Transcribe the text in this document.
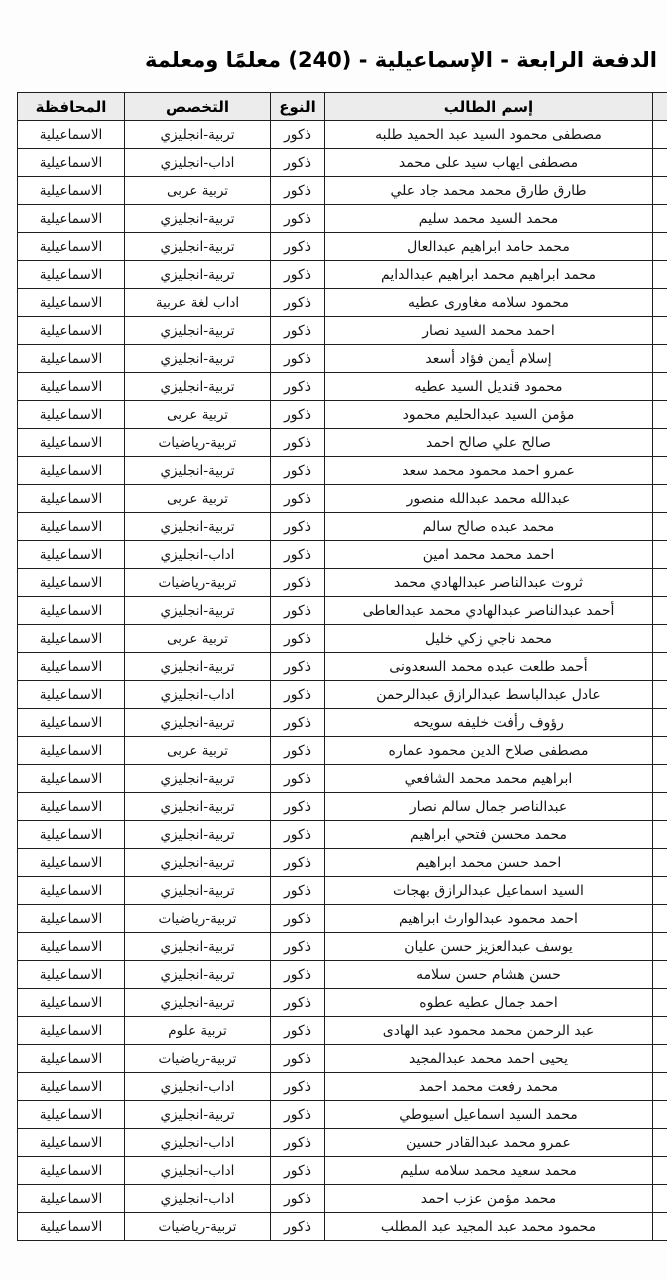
الدفعة الرابعة - الإسماعيلية - (240) معلمًا ومعلمة
	إسم الطالب	النوع	التخصص	المحافظة
	مصطفى محمود السيد عبد الحميد طلبه	ذكور	تربية-انجليزي	الاسماعيلية
	مصطفى ايهاب سيد على محمد	ذكور	اداب-انجليزي	الاسماعيلية
	طارق طارق محمد محمد جاد علي	ذكور	تربية عربى	الاسماعيلية
	محمد السيد محمد سليم	ذكور	تربية-انجليزي	الاسماعيلية
	محمد حامد ابراهيم عبدالعال	ذكور	تربية-انجليزي	الاسماعيلية
	محمد ابراهيم محمد ابراهيم عبدالدايم	ذكور	تربية-انجليزي	الاسماعيلية
	محمود سلامه مغاورى عطيه	ذكور	اداب لغة عربية	الاسماعيلية
	احمد محمد السيد نصار	ذكور	تربية-انجليزي	الاسماعيلية
	إسلام أيمن فؤاد أسعد	ذكور	تربية-انجليزي	الاسماعيلية
	محمود قنديل السيد عطيه	ذكور	تربية-انجليزي	الاسماعيلية
	مؤمن السيد عبدالحليم محمود	ذكور	تربية عربى	الاسماعيلية
	صالح علي صالح احمد	ذكور	تربية-رياضيات	الاسماعيلية
	عمرو احمد محمود محمد سعد	ذكور	تربية-انجليزي	الاسماعيلية
	عبدالله محمد عبدالله منصور	ذكور	تربية عربى	الاسماعيلية
	محمد عبده صالح سالم	ذكور	تربية-انجليزي	الاسماعيلية
	احمد محمد محمد امين	ذكور	اداب-انجليزي	الاسماعيلية
	ثروت عبدالناصر عبدالهادي محمد	ذكور	تربية-رياضيات	الاسماعيلية
	أحمد عبدالناصر عبدالهادي محمد عبدالعاطى	ذكور	تربية-انجليزي	الاسماعيلية
	محمد ناجي زكي خليل	ذكور	تربية عربى	الاسماعيلية
	أحمد طلعت عبده محمد السعدونى	ذكور	تربية-انجليزي	الاسماعيلية
	عادل عبدالباسط عبدالرازق عبدالرحمن	ذكور	اداب-انجليزي	الاسماعيلية
	رؤوف رأفت خليفه سويحه	ذكور	تربية-انجليزي	الاسماعيلية
	مصطفى صلاح الدين محمود عماره	ذكور	تربية عربى	الاسماعيلية
	ابراهيم محمد محمد الشافعي	ذكور	تربية-انجليزي	الاسماعيلية
	عبدالناصر جمال سالم نصار	ذكور	تربية-انجليزي	الاسماعيلية
	محمد محسن فتحي ابراهيم	ذكور	تربية-انجليزي	الاسماعيلية
	احمد حسن محمد ابراهيم	ذكور	تربية-انجليزي	الاسماعيلية
	السيد اسماعيل عبدالرازق بهجات	ذكور	تربية-انجليزي	الاسماعيلية
	احمد محمود عبدالوارث ابراهيم	ذكور	تربية-رياضيات	الاسماعيلية
	يوسف عبدالعزيز حسن عليان	ذكور	تربية-انجليزي	الاسماعيلية
	حسن هشام حسن سلامه	ذكور	تربية-انجليزي	الاسماعيلية
	احمد جمال عطيه عطوه	ذكور	تربية-انجليزي	الاسماعيلية
	عبد الرحمن محمد محمود عبد الهادى	ذكور	تربية علوم	الاسماعيلية
	يحيى احمد محمد عبدالمجيد	ذكور	تربية-رياضيات	الاسماعيلية
	محمد رفعت محمد احمد	ذكور	اداب-انجليزي	الاسماعيلية
	محمد السيد اسماعيل اسيوطي	ذكور	تربية-انجليزي	الاسماعيلية
	عمرو محمد عبدالقادر حسين	ذكور	اداب-انجليزي	الاسماعيلية
	محمد سعيد محمد سلامه سليم	ذكور	اداب-انجليزي	الاسماعيلية
	محمد مؤمن عزب احمد	ذكور	اداب-انجليزي	الاسماعيلية
	محمود محمد عبد المجيد عبد المطلب	ذكور	تربية-رياضيات	الاسماعيلية
